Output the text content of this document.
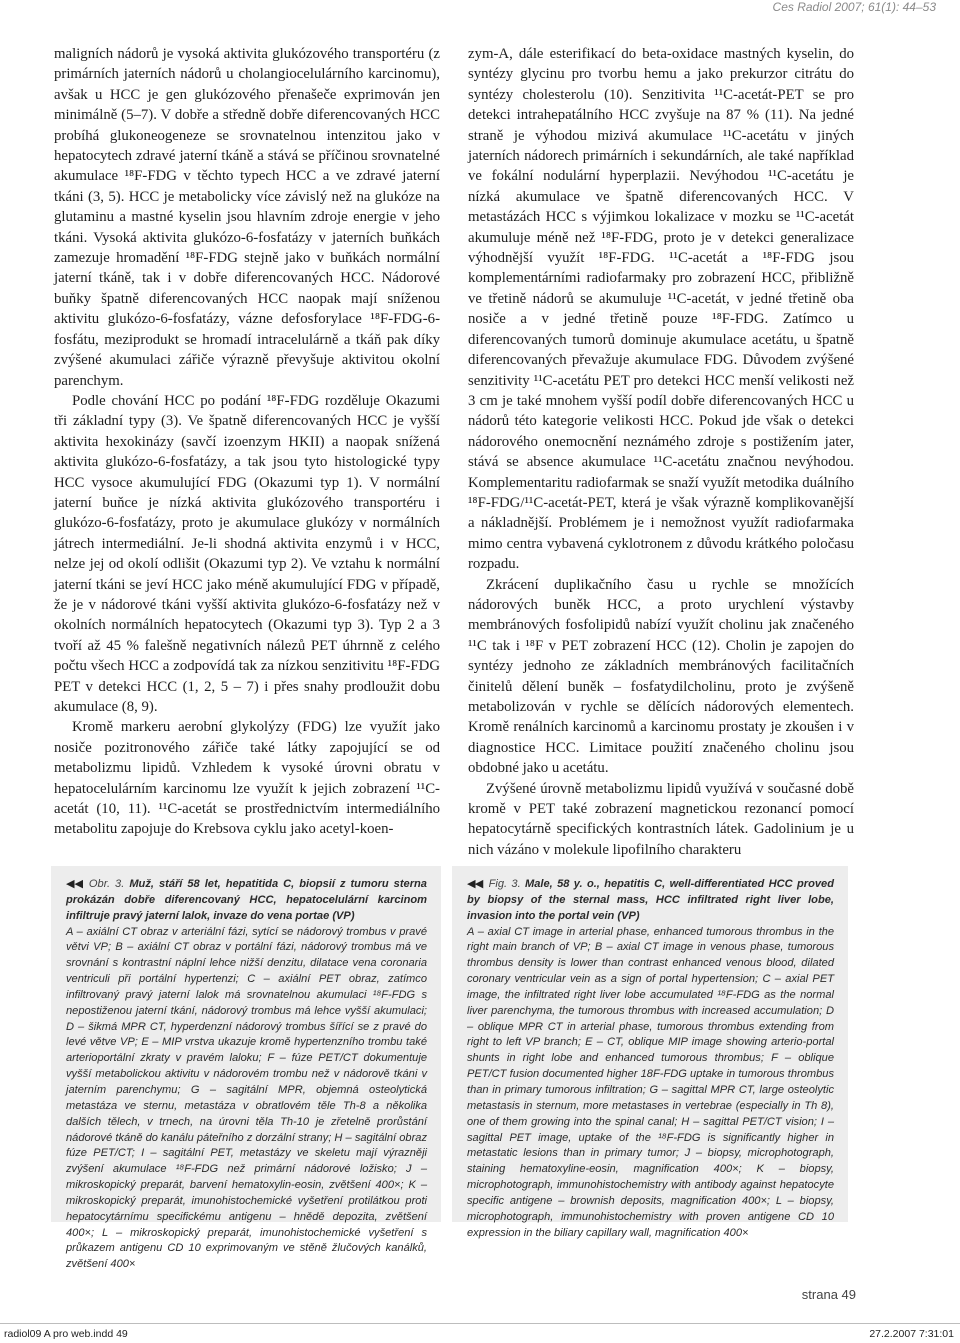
Ces Radiol 2007; 61(1): 44–53

maligních nádorů je vysoká aktivita glukózového transportéru (z primárních jaterních nádorů u cholangiocelulárního karcinomu), avšak u HCC je gen glukózového přenašeče exprimován jen minimálně (5–7). V dobře a středně dobře diferencovaných HCC probíhá glukoneogeneze se srovnatelnou intenzitou jako v hepatocytech zdravé jaterní tkáně a stává se příčinou srovnatelné akumulace ¹⁸F-FDG v těchto typech HCC a ve zdravé jaterní tkáni (3, 5). HCC je metabolicky více závislý než na glukóze na glutaminu a mastné kyselin jsou hlavním zdroje energie v jeho tkáni. Vysoká aktivita glukózo-6-fosfatázy v jaterních buňkách zamezuje hromadění ¹⁸F-FDG stejně jako v buňkách normální jaterní tkáně, tak i v dobře diferencovaných HCC. Nádorové buňky špatně diferencovaných HCC naopak mají sníženou aktivitu glukózo-6-fosfatázy, vázne defosforylace ¹⁸F-FDG-6-fosfátu, meziprodukt se hromadí intracelulárně a tkáň pak díky zvýšené akumulaci zářiče výrazně převyšuje aktivitou okolní parenchym.

Podle chování HCC po podání ¹⁸F-FDG rozděluje Okazumi tři základní typy (3). Ve špatně diferencovaných HCC je vyšší aktivita hexokinázy (savčí izoenzym HKII) a naopak snížená aktivita glukózo-6-fosfatázy, a tak jsou tyto histologické typy HCC vysoce akumulující FDG (Okazumi typ 1). V normální jaterní buňce je nízká aktivita glukózového transportéru i glukózo-6-fosfatázy, proto je akumulace glukózy v normálních játrech intermediální. Je-li shodná aktivita enzymů i v HCC, nelze jej od okolí odlišit (Okazumi typ 2). Ve vztahu k normální jaterní tkáni se jeví HCC jako méně akumulující FDG v případě, že je v nádorové tkáni vyšší aktivita glukózo-6-fosfatázy než v okolních normálních hepatocytech (Okazumi typ 3). Typ 2 a 3 tvoří až 45 % falešně negativních nálezů PET úhrnně z celého počtu všech HCC a zodpovídá tak za nízkou senzitivitu ¹⁸F-FDG PET v detekci HCC (1, 2, 5 – 7) i přes snahy prodloužit dobu akumulace (8, 9).

Kromě markeru aerobní glykolýzy (FDG) lze využít jako nosiče pozitronového zářiče také látky zapojující se od metabolizmu lipidů. Vzhledem k vysoké úrovni obratu v hepatocelulárním karcinomu lze využít k jejich zobrazení ¹¹C-acetát (10, 11). ¹¹C-acetát se prostřednictvím intermediálního metabolitu zapojuje do Krebsova cyklu jako acetyl-koen-

zym-A, dále esterifikací do beta-oxidace mastných kyselin, do syntézy glycinu pro tvorbu hemu a jako prekurzor citrátu do syntézy cholesterolu (10). Senzitivita ¹¹C-acetát-PET se pro detekci intrahepatálního HCC zvyšuje na 87 % (11). Na jedné straně je výhodou mizivá akumulace ¹¹C-acetátu v jiných jaterních nádorech primárních i sekundárních, ale také například ve fokální nodulární hyperplazii. Nevýhodou ¹¹C-acetátu je nízká akumulace ve špatně diferencovaných HCC. V metastázách HCC s výjimkou lokalizace v mozku se ¹¹C-acetát akumuluje méně než ¹⁸F-FDG, proto je v detekci generalizace výhodnější využít ¹⁸F-FDG. ¹¹C-acetát a ¹⁸F-FDG jsou komplementárními radiofarmaky pro zobrazení HCC, přibližně ve třetině nádorů se akumuluje ¹¹C-acetát, v jedné třetině oba nosiče a v jedné třetině pouze ¹⁸F-FDG. Zatímco u diferencovaných tumorů dominuje akumulace acetátu, u špatně diferencovaných převažuje akumulace FDG. Důvodem zvýšené senzitivity ¹¹C-acetátu PET pro detekci HCC menší velikosti než 3 cm je také mnohem vyšší podíl dobře diferencovaných HCC u nádorů této kategorie velikosti HCC. Pokud jde však o detekci nádorového onemocnění neznámého zdroje s postižením jater, stává se absence akumulace ¹¹C-acetátu značnou nevýhodou. Komplementaritu radiofarmak se snaží využít metodika duálního ¹⁸F-FDG/¹¹C-acetát-PET, která je však výrazně komplikovanější a nákladnější. Problémem je i nemožnost využít radiofarmaka mimo centra vybavená cyklotronem z důvodu krátkého poločasu rozpadu.

Zkrácení duplikačního času u rychle se množících nádorových buněk HCC, a proto urychlení výstavby membránových fosfolipidů nabízí využít cholinu jak značeného ¹¹C tak i ¹⁸F v PET zobrazení HCC (12). Cholin je zapojen do syntézy jednoho ze základních membránových facilitačních činitelů dělení buněk – fosfatydilcholinu, proto je zvýšeně metabolizován v rychle se dělících nádorových elementech. Kromě renálních karcinomů a karcinomu prostaty je zkoušen i v diagnostice HCC. Limitace použití značeného cholinu jsou obdobné jako u acetátu.

Zvýšené úrovně metabolizmu lipidů využívá v současné době kromě v PET také zobrazení magnetickou rezonancí pomocí hepatocytárně specifických kontrastních látek. Gadolinium je u nich vázáno v molekule lipofilního charakteru

◀◀ Obr. 3. Muž, stáří 58 let, hepatitida C, biopsií z tumoru sterna prokázán dobře diferencovaný HCC, hepatocelulární karcinom infiltruje pravý jaterní lalok, invaze do vena portae (VP)
A – axiální CT obraz v arteriální fázi, sytící se nádorový trombus v pravé větvi VP; B – axiální CT obraz v portální fázi, nádorový trombus má ve srovnání s kontrastní náplní lehce nižší denzitu, dilatace vena coronaria ventriculi při portální hypertenzi; C – axiální PET obraz, zatímco infiltrovaný pravý jaterní lalok má srovnatelnou akumulaci ¹⁸F-FDG s nepostiženou jaterní tkání, nádorový trombus má lehce vyšší akumulaci; D – šikmá MPR CT, hyperdenzní nádorový trombus šířící se z pravé do levé větve VP; E – MIP vrstva ukazuje kromě hypertenzního trombu také arterioportální zkraty v pravém laloku; F – fúze PET/CT dokumentuje vyšší metabolickou aktivitu v nádorovém trombu než v nádorově tkáni v jaterním parenchymu; G – sagitální MPR, objemná osteolytická metastáza ve sternu, metastáza v obratlovém těle Th-8 a několika dalších tělech, v trnech, na úrovni těla Th-10 je zřetelně prorůstání nádorové tkáně do kanálu páteřního z dorzální strany; H – sagitální obraz fúze PET/CT; I – sagitální PET, metastázy ve skeletu mají výrazněji zvýšení akumulace ¹⁸F-FDG než primární nádorové ložisko; J – mikroskopický preparát, barvení hematoxylin-eosin, zvětšení 400×; K – mikroskopický preparát, imunohistochemické vyšetření protilátkou proti hepatocytárnímu specifickému antigenu – hnědě depozita, zvětšení 400×; L – mikroskopický preparát, imunohistochemické vyšetření s průkazem antigenu CD 10 exprimovaným ve stěně žlučových kanálků, zvětšení 400×
◀◀ Fig. 3. Male, 58 y. o., hepatitis C, well-differentiated HCC proved by biopsy of the sternal mass, HCC infiltrated right liver lobe, invasion into the portal vein (VP)
A – axial CT image in arterial phase, enhanced tumorous thrombus in the right main branch of VP; B – axial CT image in venous phase, tumorous thrombus density is lower than contrast enhanced venous blood, dilated coronary ventricular vein as a sign of portal hypertension; C – axial PET image, the infiltrated right liver lobe accumulated ¹⁸F-FDG as the normal liver parenchyma, the tumorous thrombus with increased accumulation; D – oblique MPR CT in arterial phase, tumorous thrombus extending from right to left VP branch; E – CT, oblique MIP image showing arterio-portal shunts in right lobe and enhanced tumorous thrombus; F – oblique PET/CT fusion documented higher 18F-FDG uptake in tumorous thrombus than in primary tumorous infiltration; G – sagittal MPR CT, large osteolytic metastasis in sternum, more metastases in vertebrae (especially in Th 8), one of them growing into the spinal canal; H – sagittal PET/CT vision; I – sagittal PET image, uptake of the ¹⁸F-FDG is significantly higher in metastatic lesions than in primary tumor; J – biopsy, microphotograph, staining hematoxyline-eosin, magnification 400×; K – biopsy, microphotograph, immunohistochemistry with antibody against hepatocyte specific antigene – brownish deposits, magnification 400×; L – biopsy, microphotograph, immunohistochemistry with proven antigene CD 10 expression in the biliary capillary wall, magnification 400×
strana 49
radiol09 A pro web.indd 49	27.2.2007 7:31:01
